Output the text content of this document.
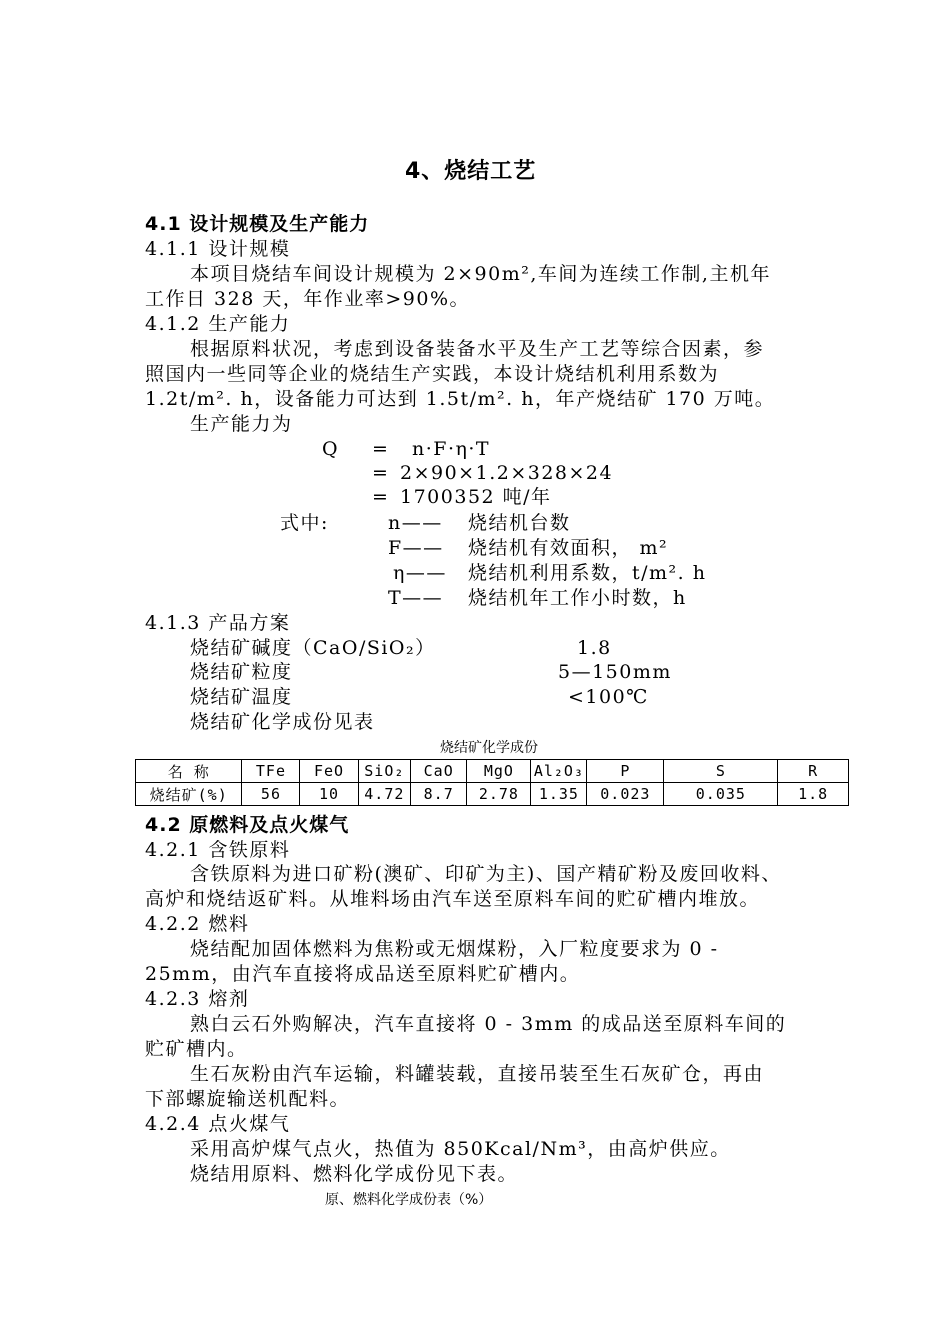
4、烧结工艺
4.1 设计规模及生产能力
4.1.1 设计规模
本项目烧结车间设计规模为 2×90m²,车间为连续工作制,主机年
工作日 328 天，年作业率>90%。
4.1.2 生产能力
根据原料状况，考虑到设备装备水平及生产工艺等综合因素，参
照国内一些同等企业的烧结生产实践，本设计烧结机利用系数为
1.2t/m². h，设备能力可达到 1.5t/m². h，年产烧结矿 170 万吨。
生产能力为
Q = n·F·η·T
= 2×90×1.2×328×24
= 1700352 吨/年
式中:	n—— 烧结机台数
F—— 烧结机有效面积， m²
η—— 烧结机利用系数，t/m². h
T—— 烧结机年工作小时数，h
4.1.3 产品方案
烧结矿碱度（CaO/SiO₂）	1.8
烧结矿粒度	5—150mm
烧结矿温度	<100℃
烧结矿化学成份见表
烧结矿化学成份
名 称	TFe	FeO	SiO₂	CaO	MgO	Al₂O₃	P	S	R
烧结矿(%)	56	10	4.72	8.7	2.78	1.35	0.023	0.035	1.8
4.2 原燃料及点火煤气
4.2.1 含铁原料
含铁原料为进口矿粉(澳矿、印矿为主)、国产精矿粉及废回收料、
高炉和烧结返矿料。从堆料场由汽车送至原料车间的贮矿槽内堆放。
4.2.2 燃料
烧结配加固体燃料为焦粉或无烟煤粉，入厂粒度要求为 0 -
25mm，由汽车直接将成品送至原料贮矿槽内。
4.2.3 熔剂
熟白云石外购解决，汽车直接将 0 - 3mm 的成品送至原料车间的
贮矿槽内。
生石灰粉由汽车运输，料罐装载，直接吊装至生石灰矿仓，再由
下部螺旋输送机配料。
4.2.4 点火煤气
采用高炉煤气点火，热值为 850Kcal/Nm³，由高炉供应。
烧结用原料、燃料化学成份见下表。
原、燃料化学成份表（%）
